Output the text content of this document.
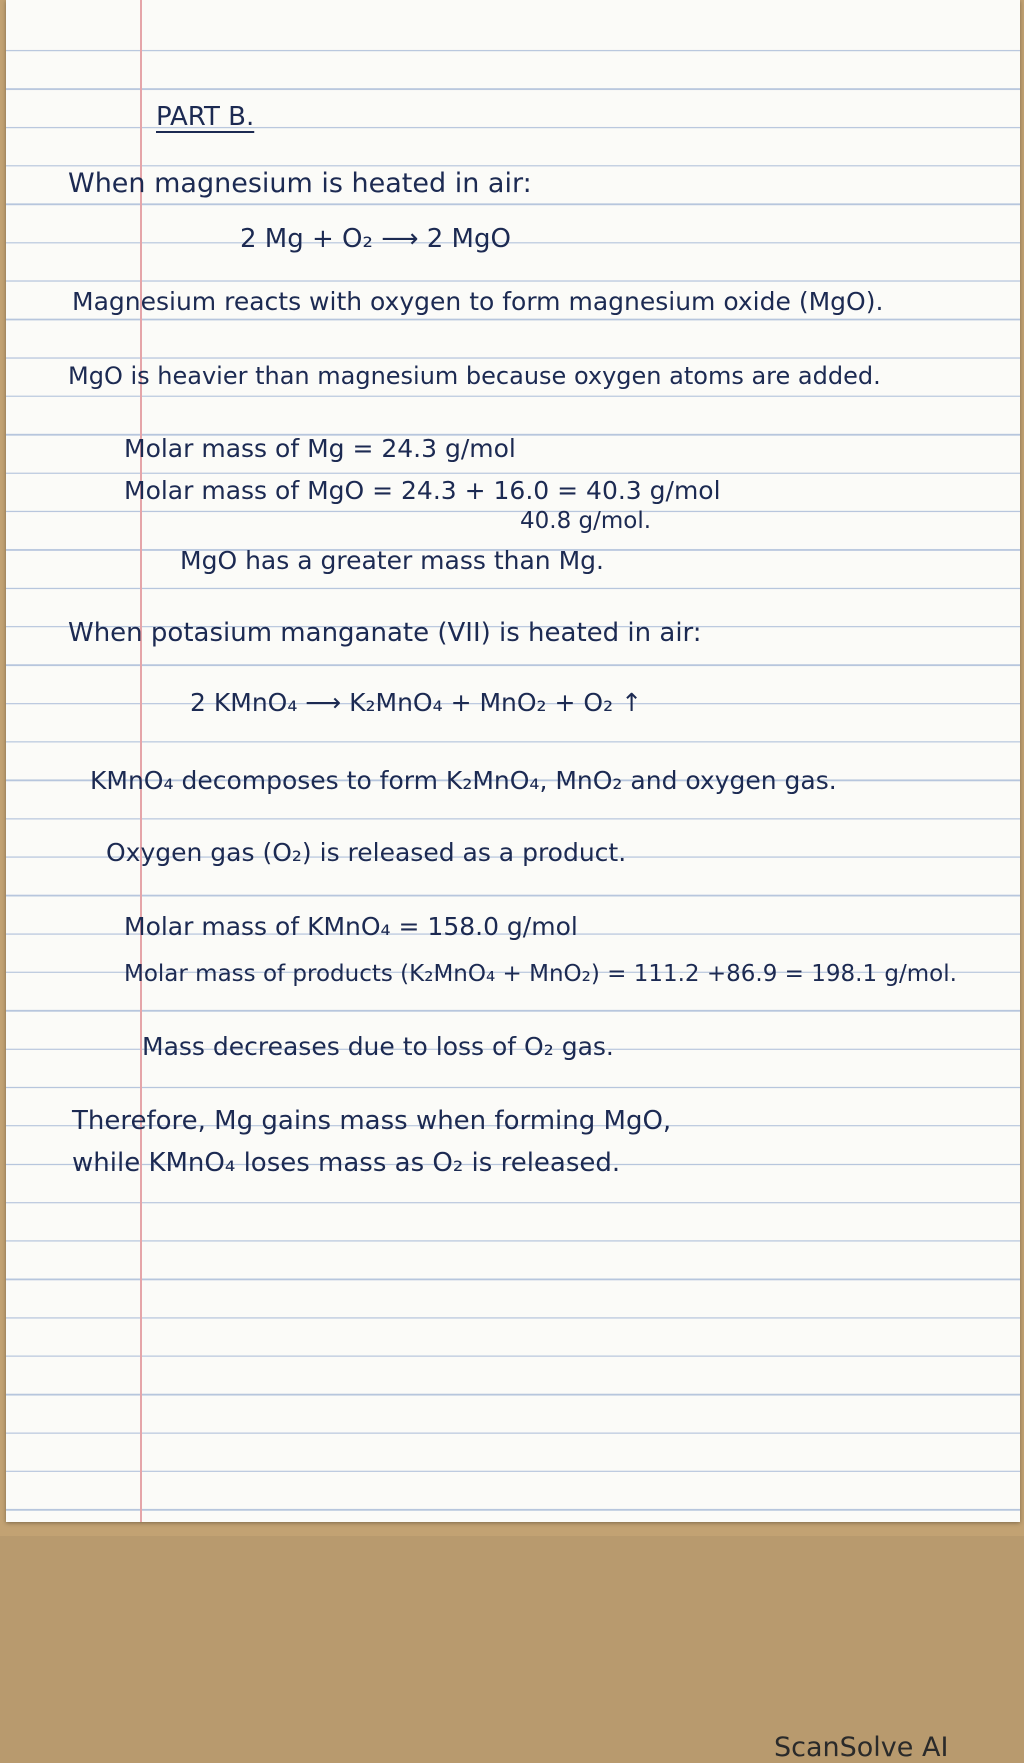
PART B.

When magnesium is heated in air:

2 Mg + O₂ ⟶ 2 MgO

Magnesium reacts with oxygen to form magnesium oxide (MgO).

MgO is heavier than magnesium because oxygen atoms are added.

Molar mass of Mg = 24.3 g/mol

Molar mass of MgO = 24.3 + 16.0 = 40.3 g/mol

40.8 g/mol.

MgO has a greater mass than Mg.

When potasium manganate (VII) is heated in air:

2 KMnO₄ ⟶ K₂MnO₄ + MnO₂ + O₂ ↑

KMnO₄ decomposes to form K₂MnO₄, MnO₂ and oxygen gas.

Oxygen gas (O₂) is released as a product.

Molar mass of KMnO₄ = 158.0 g/mol

Molar mass of products (K₂MnO₄ + MnO₂) = 111.2 +86.9 = 198.1 g/mol.

Mass decreases due to loss of O₂ gas.

Therefore, Mg gains mass when forming MgO,

while KMnO₄ loses mass as O₂ is released.

ScanSolve AI
